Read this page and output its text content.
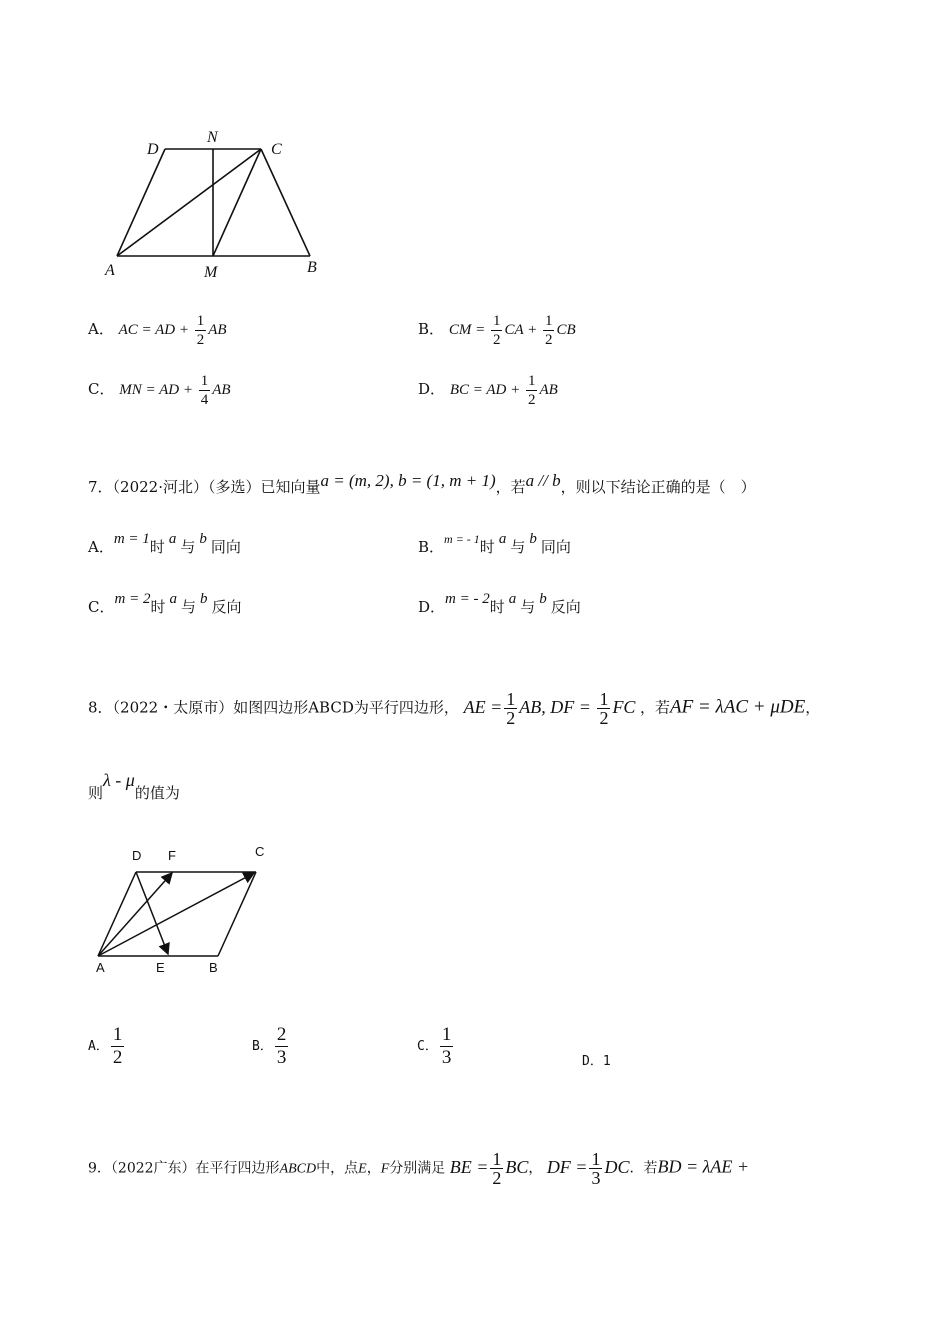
D
N
C
A	M	B
A． AC = AD + $\frac{1}{2}$ AB	B． CM = $\frac{1}{2}$ CA + $\frac{1}{2}$ CB
C． MN = AD + $\frac{1}{4}$ AB	D． BC = AD + $\frac{1}{2}$ AB
7．（2022·河北）（多选）已知向量a = (m, 2), b = (1, m + 1)，若a // b，则以下结论正确的是（　）
A．m = 1时 a 与 b 同向	B．$^{m = - 1}$时 a 与 b 同向
C．m = 2时 a 与 b 反向	D．m = - 2时 a 与 b 反向
8．（2022・太原市）如图四边形ABCD为平行四边形， AE = $\frac{1}{2}$ AB, DF = $\frac{1}{2}$ FC ，若AF = λAC + μDE，
则λ - μ的值为
D F	C
A	E	B
A． $\frac{1}{2}$	B． $\frac{2}{3}$	C． $\frac{1}{3}$	D．1
9．（2022广东）在平行四边形ABCD中，点E，F分别满足 BE = $\frac{1}{2}$ BC， DF = $\frac{1}{3}$ DC．若BD = λAE +
